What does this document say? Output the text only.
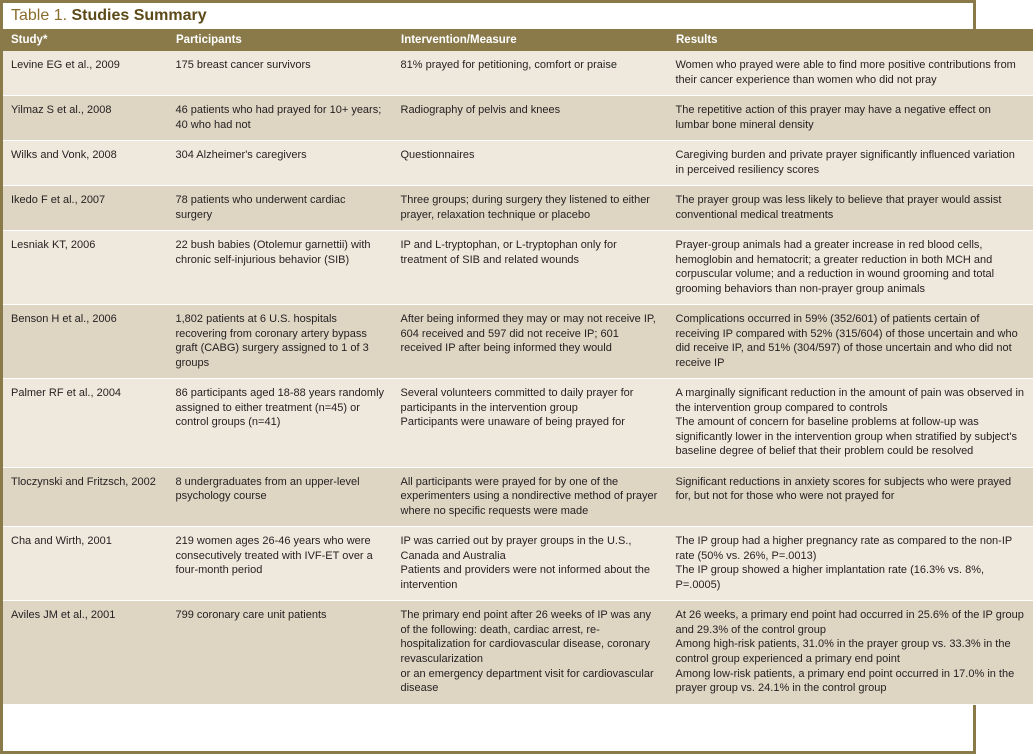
Table 1. Studies Summary
Study*	Participants	Intervention/Measure	Results

Levine EG et al., 2009	175 breast cancer survivors	81% prayed for petitioning, comfort or praise	Women who prayed were able to find more positive contributions from their cancer experience than women who did not pray

Yilmaz S et al., 2008	46 patients who had prayed for 10+ years; 40 who had not	Radiography of pelvis and knees	The repetitive action of this prayer may have a negative effect on lumbar bone mineral density

Wilks and Vonk, 2008	304 Alzheimer's caregivers	Questionnaires	Caregiving burden and private prayer significantly influenced variation in perceived resiliency scores

Ikedo F et al., 2007	78 patients who underwent cardiac surgery	Three groups; during surgery they listened to either prayer, relaxation technique or placebo	The prayer group was less likely to believe that prayer would assist conventional medical treatments

Lesniak KT, 2006	22 bush babies (Otolemur garnettii) with chronic self-injurious behavior (SIB)	IP and L-tryptophan, or L-tryptophan only for treatment of SIB and related wounds	Prayer-group animals had a greater increase in red blood cells, hemoglobin and hematocrit; a greater reduction in both MCH and corpuscular volume; and a reduction in wound grooming and total grooming behaviors than non-prayer group animals

Benson H et al., 2006	1,802 patients at 6 U.S. hospitals recovering from coronary artery bypass graft (CABG) surgery assigned to 1 of 3 groups	After being informed they may or may not receive IP, 604 received and 597 did not receive IP; 601 received IP after being informed they would	Complications occurred in 59% (352/601) of patients certain of receiving IP compared with 52% (315/604) of those uncertain and who did receive IP, and 51% (304/597) of those uncertain and who did not receive IP

Palmer RF et al., 2004	86 participants aged 18-88 years randomly assigned to either treatment (n=45) or control groups (n=41)	Several volunteers committed to daily prayer for participants in the intervention group
Participants were unaware of being prayed for	A marginally significant reduction in the amount of pain was observed in the intervention group compared to controls
The amount of concern for baseline problems at follow-up was significantly lower in the intervention group when stratified by subject's baseline degree of belief that their problem could be resolved

Tloczynski and Fritzsch, 2002	8 undergraduates from an upper-level psychology course	All participants were prayed for by one of the experimenters using a nondirective method of prayer where no specific requests were made	Significant reductions in anxiety scores for subjects who were prayed for, but not for those who were not prayed for

Cha and Wirth, 2001	219 women ages 26-46 years who were consecutively treated with IVF-ET over a four-month period	IP was carried out by prayer groups in the U.S., Canada and Australia
Patients and providers were not informed about the intervention	The IP group had a higher pregnancy rate as compared to the non-IP rate (50% vs. 26%, P=.0013)
The IP group showed a higher implantation rate (16.3% vs. 8%, P=.0005)

Aviles JM et al., 2001	799 coronary care unit patients	The primary end point after 26 weeks of IP was any of the following: death, cardiac arrest, re-hospitalization for cardiovascular disease, coronary revascularization
or an emergency department visit for cardiovascular disease

At 26 weeks, a primary end point had occurred in 25.6% of the IP group and 29.3% of the control group
Among high-risk patients, 31.0% in the prayer group vs. 33.3% in the control group experienced a primary end point
Among low-risk patients, a primary end point occurred in 17.0% in the prayer group vs. 24.1% in the control group
